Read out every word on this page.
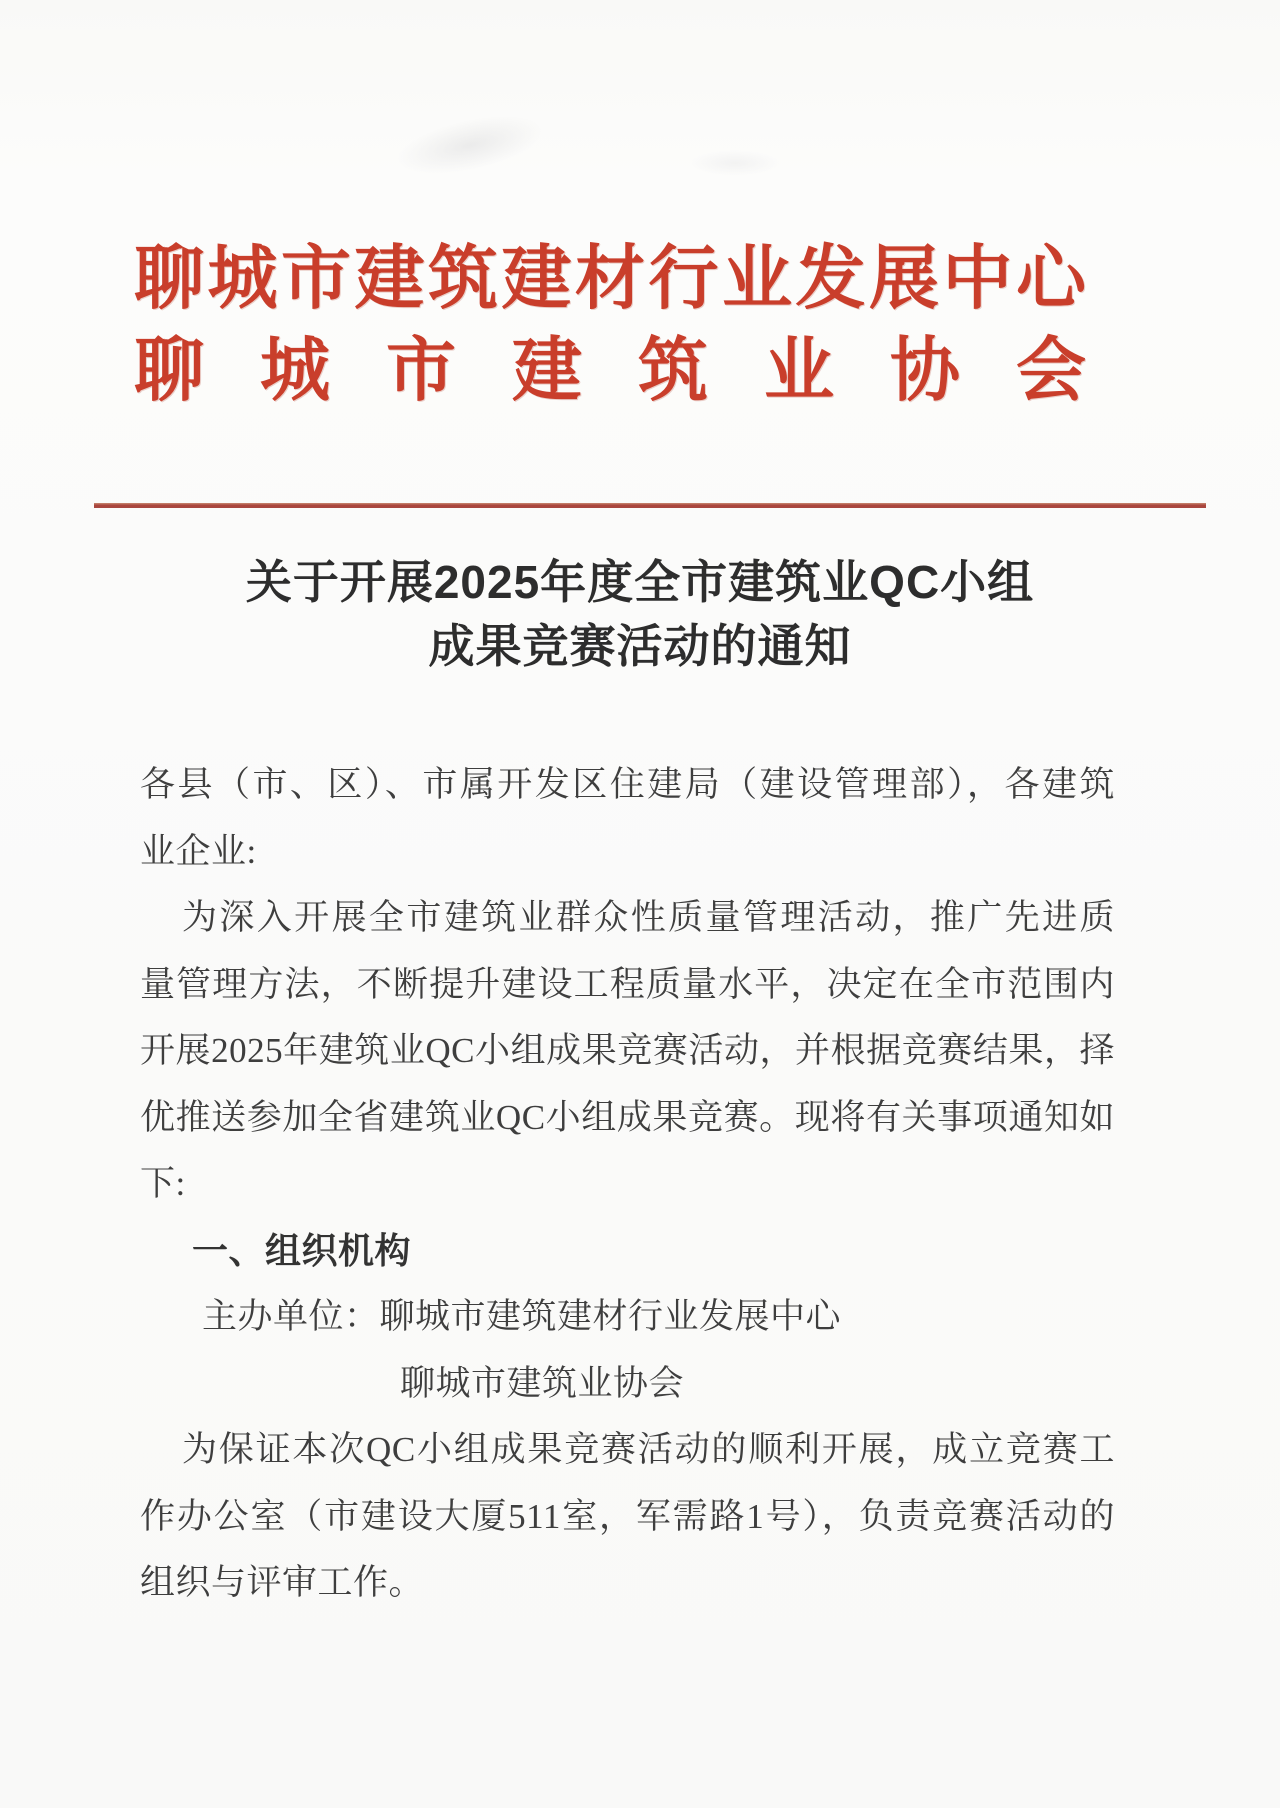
聊城市建筑建材行业发展中心
聊城市建筑业协会
关于开展2025年度全市建筑业QC小组
成果竞赛活动的通知
各县（市、区）、市属开发区住建局（建设管理部），各建筑
业企业:
为深入开展全市建筑业群众性质量管理活动，推广先进质
量管理方法，不断提升建设工程质量水平，决定在全市范围内
开展2025年建筑业QC小组成果竞赛活动，并根据竞赛结果，择
优推送参加全省建筑业QC小组成果竞赛。现将有关事项通知如
下:
一、组织机构
主办单位：聊城市建筑建材行业发展中心
聊城市建筑业协会
为保证本次QC小组成果竞赛活动的顺利开展，成立竞赛工
作办公室（市建设大厦511室，军需路1号），负责竞赛活动的
组织与评审工作。
